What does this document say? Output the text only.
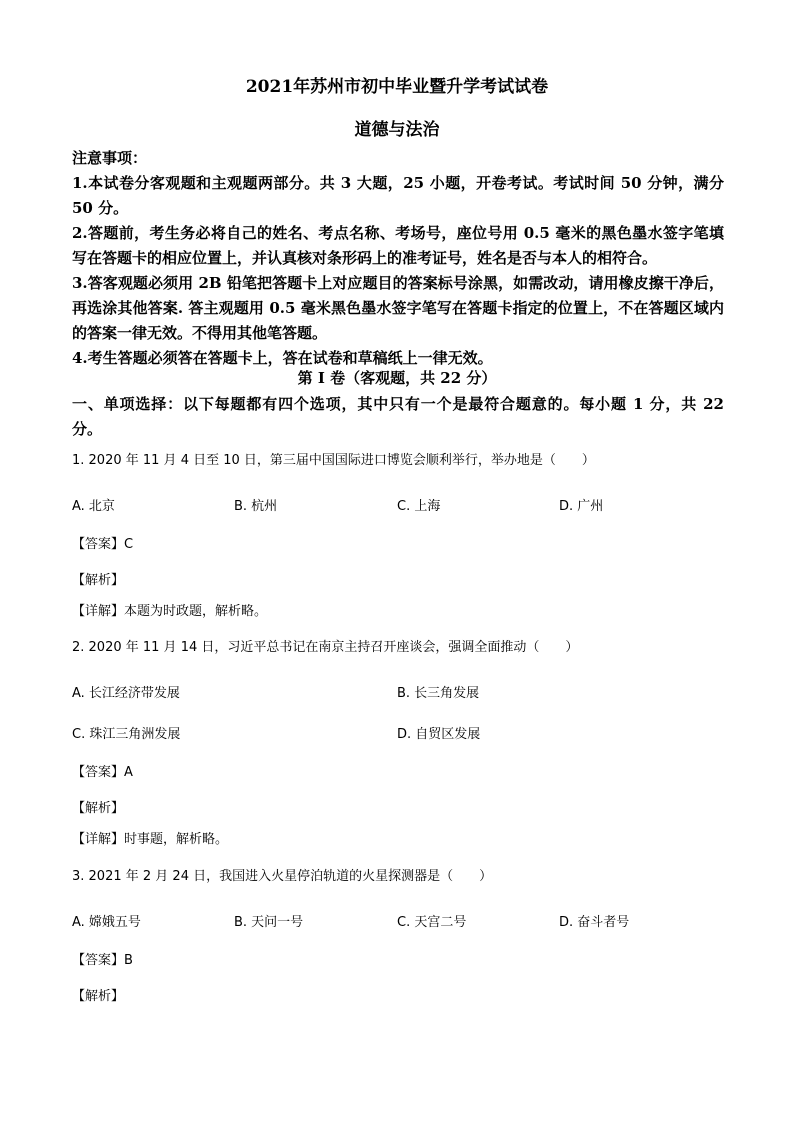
2021年苏州市初中毕业暨升学考试试卷
道德与法治

注意事项：

1.本试卷分客观题和主观题两部分。共 3 大题，25 小题，开卷考试。考试时间 50 分钟，满分 50 分。

2.答题前，考生务必将自己的姓名、考点名称、考场号，座位号用 0.5 毫米的黑色墨水签字笔填写在答题卡的相应位置上，并认真核对条形码上的准考证号，姓名是否与本人的相符合。

3.答客观题必须用 2B 铅笔把答题卡上对应题目的答案标号涂黑，如需改动，请用橡皮擦干净后，再选涂其他答案. 答主观题用 0.5 毫米黑色墨水签字笔写在答题卡指定的位置上，不在答题区域内的答案一律无效。不得用其他笔答题。

4.考生答题必须答在答题卡上，答在试卷和草稿纸上一律无效。

第 I 卷（客观题，共 22 分）

一、单项选择：以下每题都有四个选项，其中只有一个是最符合题意的。每小题 1 分，共 22 分。

1. 2020 年 11 月 4 日至 10 日，第三届中国国际进口博览会顺利举行，举办地是（　　）
A. 北京	B. 杭州	C. 上海	D. 广州
【答案】C
【解析】
【详解】本题为时政题，解析略。
2. 2020 年 11 月 14 日，习近平总书记在南京主持召开座谈会，强调全面推动（　　）
A. 长江经济带发展	B. 长三角发展
C. 珠江三角洲发展	D. 自贸区发展
【答案】A
【解析】
【详解】时事题，解析略。
3. 2021 年 2 月 24 日，我国进入火星停泊轨道的火星探测器是（　　）
A. 嫦娥五号	B. 天问一号	C. 天宫二号	D. 奋斗者号
【答案】B
【解析】
